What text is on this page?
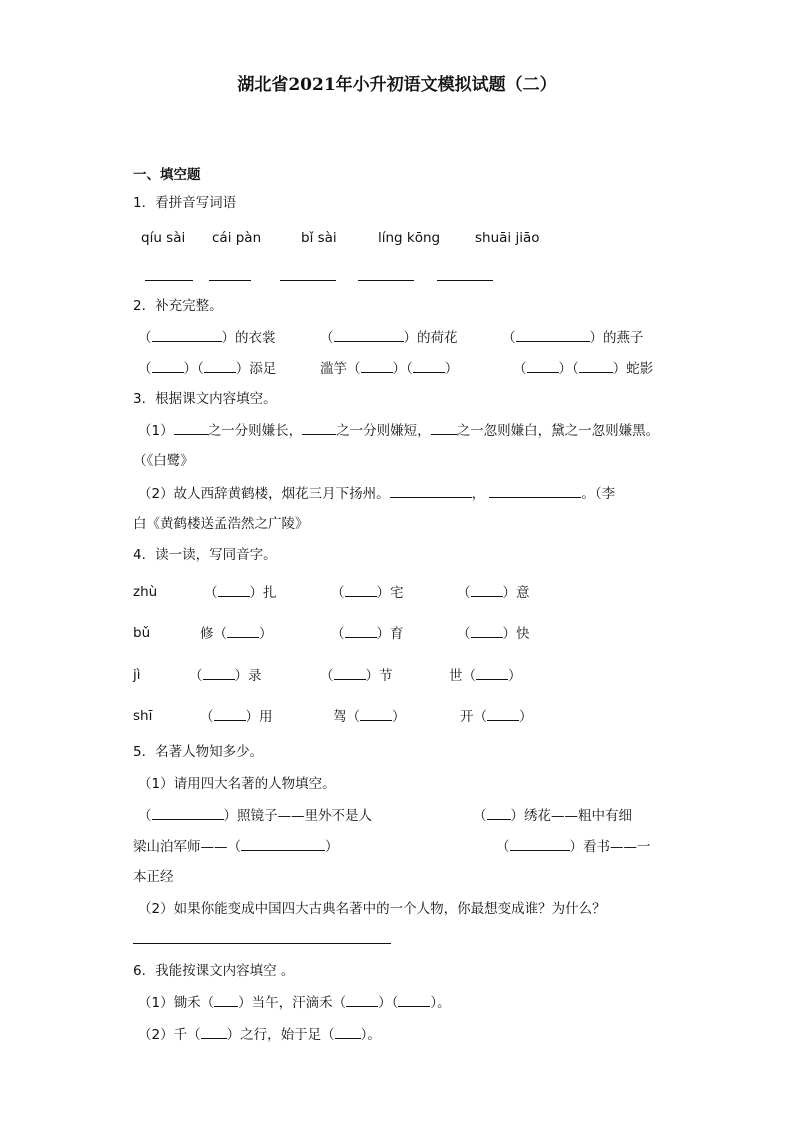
湖北省2021年小升初语文模拟试题（二）
一、填空题
1．看拼音写词语
qíu sài cái pàn	bǐ sài	líng kōng	shuāi jiāo
2．补充完整。
（	）的衣裳	（	）的荷花	（	）的燕子
（ ）（ ）添足	滥竽（ ）（ ）	（ ）（	）蛇影
3．根据课文内容填空。
（1）	之一分则嫌长，	之一分则嫌短， 之一忽则嫌白，黛之一忽则嫌黑。
（《白鹭》
（2）故人西辞黄鹤楼，烟花三月下扬州。	，	。（李
白《黄鹤楼送孟浩然之广陵》
4．读一读，写同音字。
zhù	（ ）扎	（ ）宅	（ ）意
bǔ	修（ ）	（ ）育	（ ）快
jì	（ ）录	（ ）节	世（ ）
shī	（ ）用	驾（ ）	开（ ）
5．名著人物知多少。
（1）请用四大名著的人物填空。
（	）照镜子——里外不是人	（ ）绣花——粗中有细
梁山泊军师——（	）	（	）看书——一
本正经
（2）如果你能变成中国四大古典名著中的一个人物，你最想变成谁？为什么？
6．我能按课文内容填空 。
（1）锄禾（ ）当午，汗滴禾（ ）（ ）。
（2）千（ ）之行，始于足（ ）。
